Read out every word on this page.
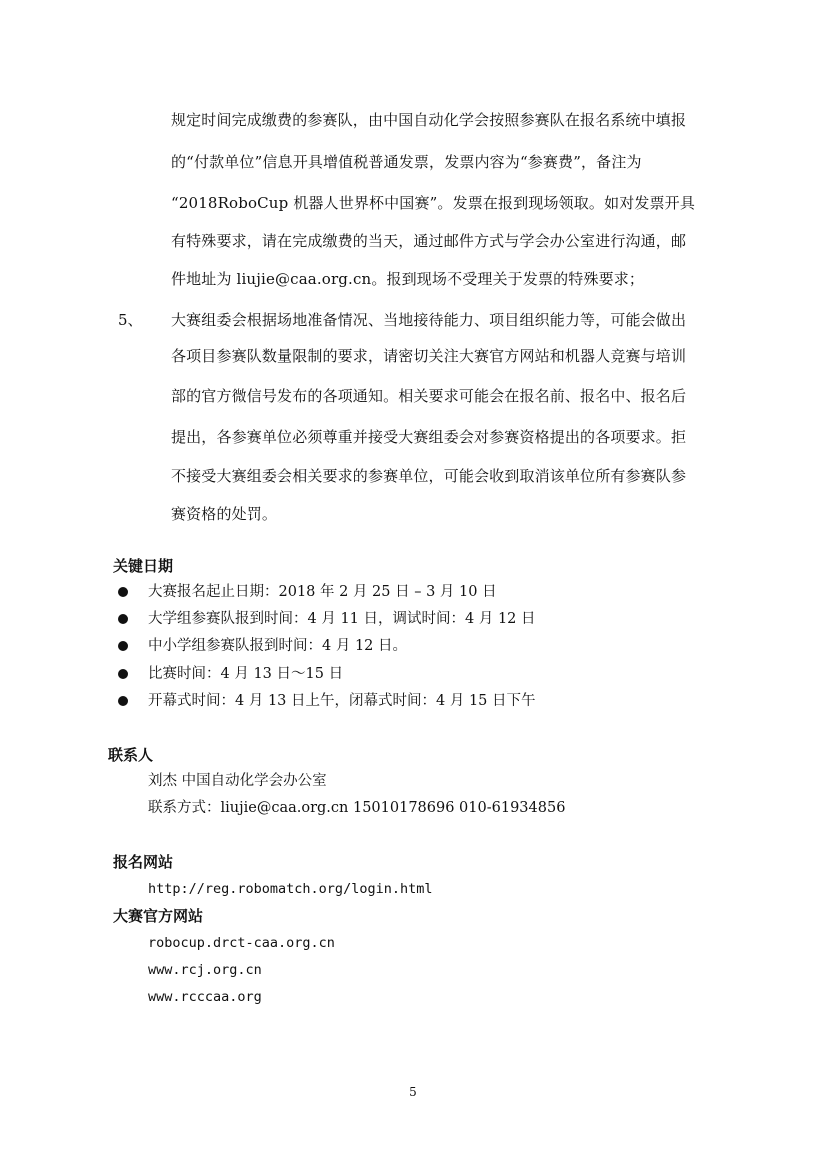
规定时间完成缴费的参赛队，由中国自动化学会按照参赛队在报名系统中填报
的“付款单位”信息开具增值税普通发票，发票内容为“参赛费”，备注为
“2018RoboCup 机器人世界杯中国赛”。发票在报到现场领取。如对发票开具
有特殊要求，请在完成缴费的当天，通过邮件方式与学会办公室进行沟通，邮
件地址为 liujie@caa.org.cn。报到现场不受理关于发票的特殊要求；
5、 大赛组委会根据场地准备情况、当地接待能力、项目组织能力等，可能会做出
各项目参赛队数量限制的要求，请密切关注大赛官方网站和机器人竞赛与培训
部的官方微信号发布的各项通知。相关要求可能会在报名前、报名中、报名后
提出，各参赛单位必须尊重并接受大赛组委会对参赛资格提出的各项要求。拒
不接受大赛组委会相关要求的参赛单位，可能会收到取消该单位所有参赛队参
赛资格的处罚。
关键日期
大赛报名起止日期：2018 年 2 月 25 日 – 3 月 10 日
大学组参赛队报到时间：4 月 11 日，调试时间：4 月 12 日
中小学组参赛队报到时间：4 月 12 日。
比赛时间：4 月 13 日～15 日
开幕式时间：4 月 13 日上午，闭幕式时间：4 月 15 日下午
联系人
刘杰 中国自动化学会办公室
联系方式：liujie@caa.org.cn 15010178696 010-61934856
报名网站
http://reg.robomatch.org/login.html
大赛官方网站
robocup.drct-caa.org.cn
www.rcj.org.cn
www.rcccaa.org
5
